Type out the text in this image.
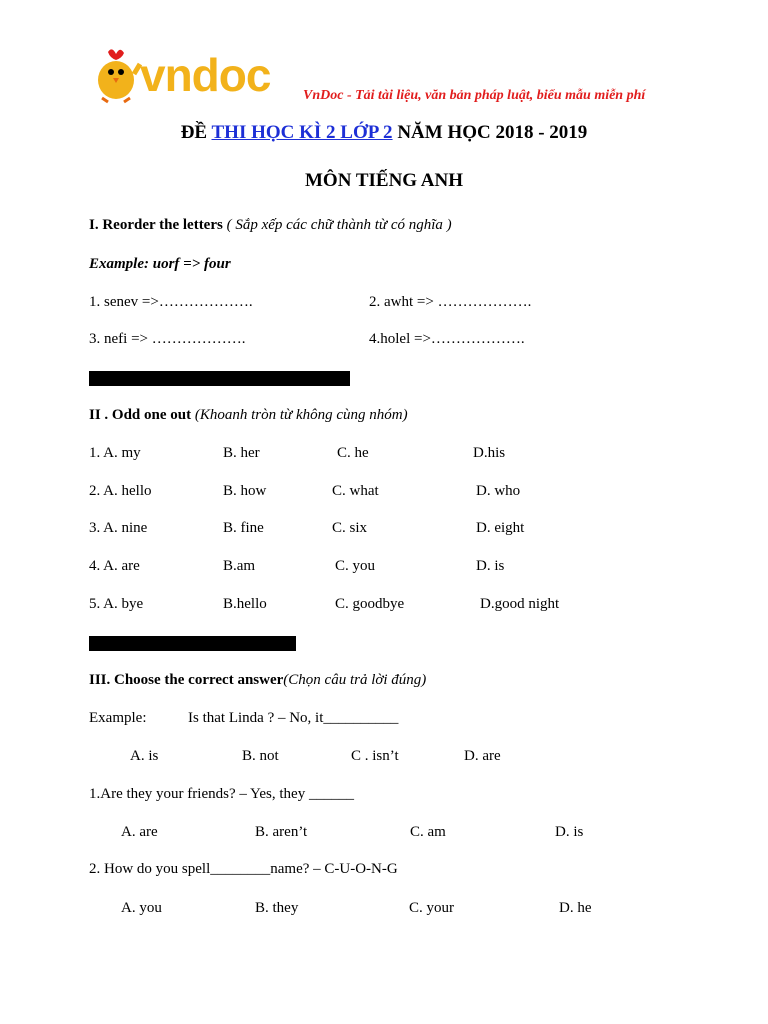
vndoc VnDoc - Tải tài liệu, văn bản pháp luật, biểu mẫu miễn phí
ĐỀ THI HỌC KÌ 2 LỚP 2 NĂM HỌC 2018 - 2019
MÔN TIẾNG ANH
I. Reorder the letters ( Sắp xếp các chữ thành từ có nghĩa )
Example: uorf => four
1. senev =>……………….	2. awht => ……………….
3. nefi => ……………….	4.holel =>……………….
II . Odd one out (Khoanh tròn từ không cùng nhóm)
1. A. my	B. her	C. he	D.his
2. A. hello	B. how	C. what	D. who
3. A. nine	B. fine	C. six	D. eight
4. A. are	B.am	C. you	D. is
5. A. bye	B.hello	C. goodbye	D.good night
III. Choose the correct answer(Chọn câu trả lời đúng)
Example:	Is that Linda ? – No, it__________
A. is	B. not	C . isn’t	D. are
1.Are they your friends? – Yes, they ______
A. are	B. aren’t	C. am	D. is
2. How do you spell________name? – C-U-O-N-G
A. you	B. they	C. your	D. he
